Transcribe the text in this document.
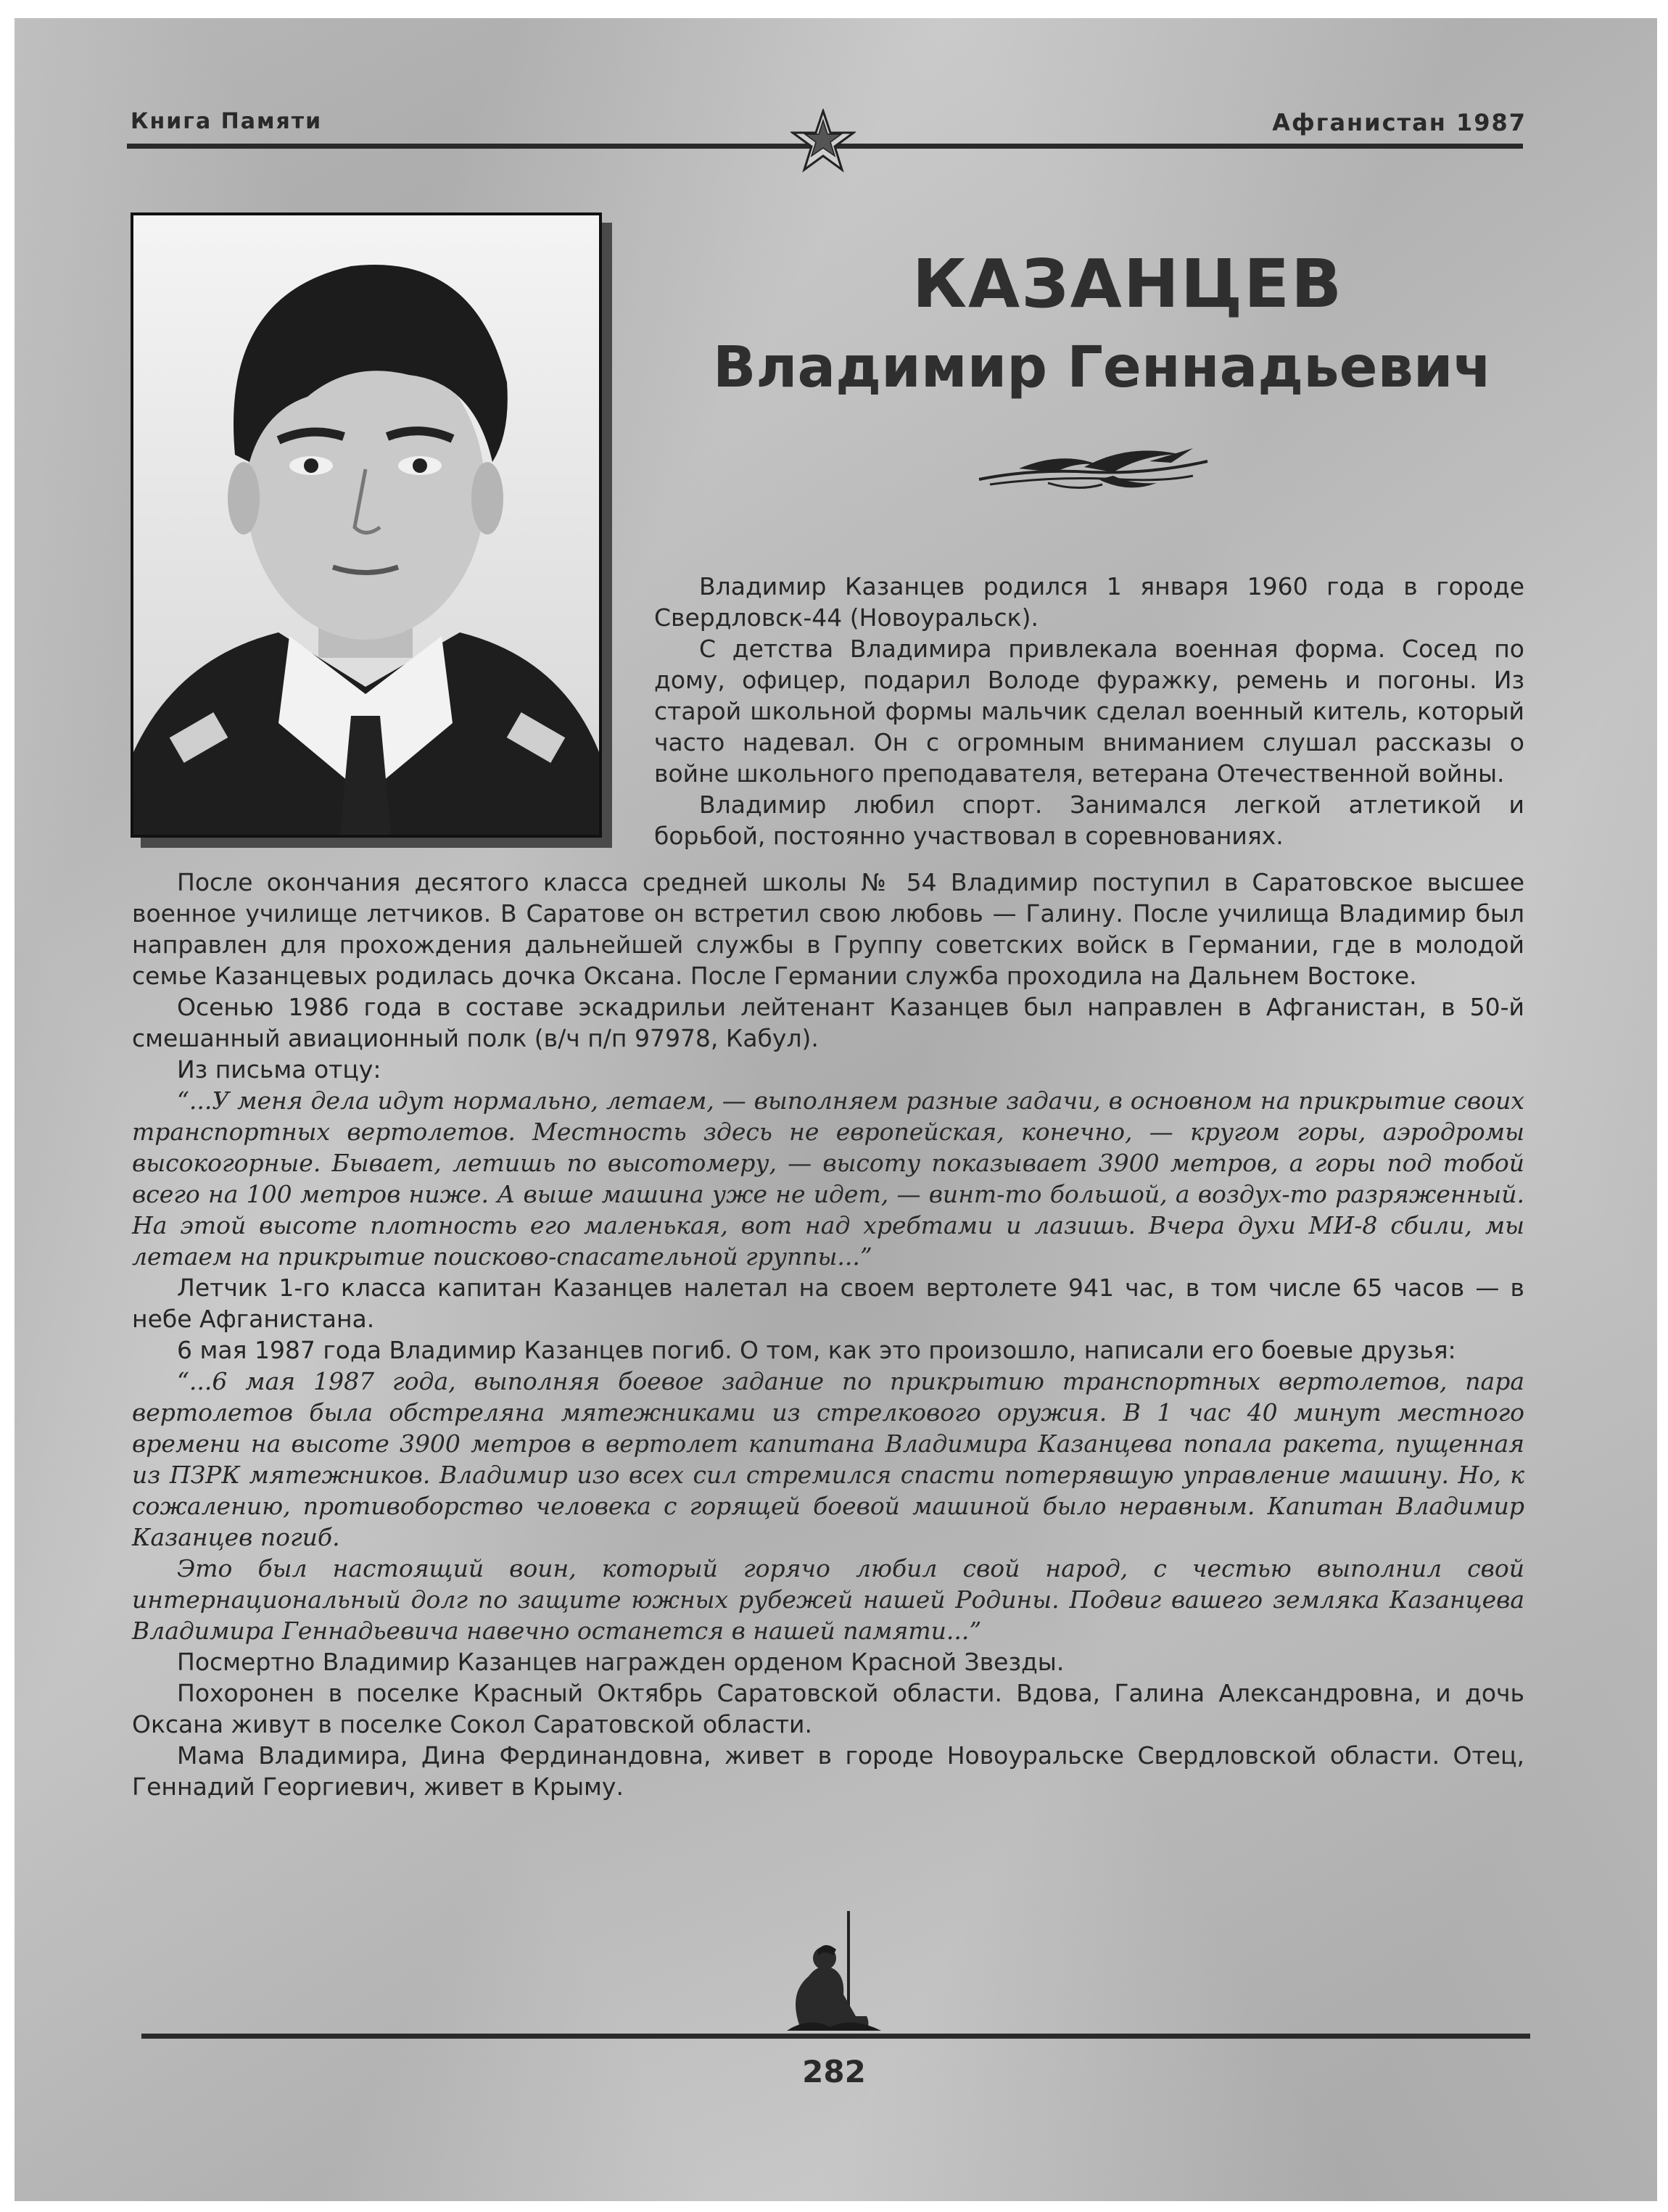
Книга Памяти	Афганистан 1987
КАЗАНЦЕВ
Владимир Геннадьевич

Владимир Казанцев родился 1 января 1960 года в городе Свердловск-44 (Новоуральск).

С детства Владимира привлекала военная форма. Сосед по дому, офицер, подарил Володе фуражку, ремень и погоны. Из старой школьной формы мальчик сделал военный китель, который часто надевал. Он с огромным вниманием слушал рассказы о войне школьного преподавателя, ветерана Отечественной войны.

Владимир любил спорт. Занимался легкой атлетикой и борьбой, постоянно участвовал в соревнованиях.

После окончания десятого класса средней школы № 54 Владимир поступил в Саратовское высшее военное училище летчиков. В Саратове он встретил свою любовь — Галину. После училища Владимир был направлен для прохождения дальнейшей службы в Группу советских войск в Германии, где в молодой семье Казанцевых родилась дочка Оксана. После Германии служба проходила на Дальнем Востоке.

Осенью 1986 года в составе эскадрильи лейтенант Казанцев был направлен в Афганистан, в 50-й смешанный авиационный полк (в/ч п/п 97978, Кабул).

Из письма отцу:

“...У меня дела идут нормально, летаем, — выполняем разные задачи, в основном на прикрытие своих транспортных вертолетов. Местность здесь не европейская, конечно, — кругом горы, аэродромы высокогорные. Бывает, летишь по высотомеру, — высоту показывает 3900 метров, а горы под тобой всего на 100 метров ниже. А выше машина уже не идет, — винт-то большой, а воздух-то разряженный. На этой высоте плотность его маленькая, вот над хребтами и лазишь. Вчера духи МИ-8 сбили, мы летаем на прикрытие поисково-спасательной группы...”

Летчик 1-го класса капитан Казанцев налетал на своем вертолете 941 час, в том числе 65 часов — в небе Афганистана.

6 мая 1987 года Владимир Казанцев погиб. О том, как это произошло, написали его боевые друзья:

“...6 мая 1987 года, выполняя боевое задание по прикрытию транспортных вертолетов, пара вертолетов была обстреляна мятежниками из стрелкового оружия. В 1 час 40 минут местного времени на высоте 3900 метров в вертолет капитана Владимира Казанцева попала ракета, пущенная из ПЗРК мятежников. Владимир изо всех сил стремился спасти потерявшую управление машину. Но, к сожалению, противоборство человека с горящей боевой машиной было неравным. Капитан Владимир Казанцев погиб.

Это был настоящий воин, который горячо любил свой народ, с честью выполнил свой интернациональный долг по защите южных рубежей нашей Родины. Подвиг вашего земляка Казанцева Владимира Геннадьевича навечно останется в нашей памяти...”

Посмертно Владимир Казанцев награжден орденом Красной Звезды.

Похоронен в поселке Красный Октябрь Саратовской области. Вдова, Галина Александровна, и дочь Оксана живут в поселке Сокол Саратовской области.

Мама Владимира, Дина Фердинандовна, живет в городе Новоуральске Свердловской области. Отец, Геннадий Георгиевич, живет в Крыму.

282
